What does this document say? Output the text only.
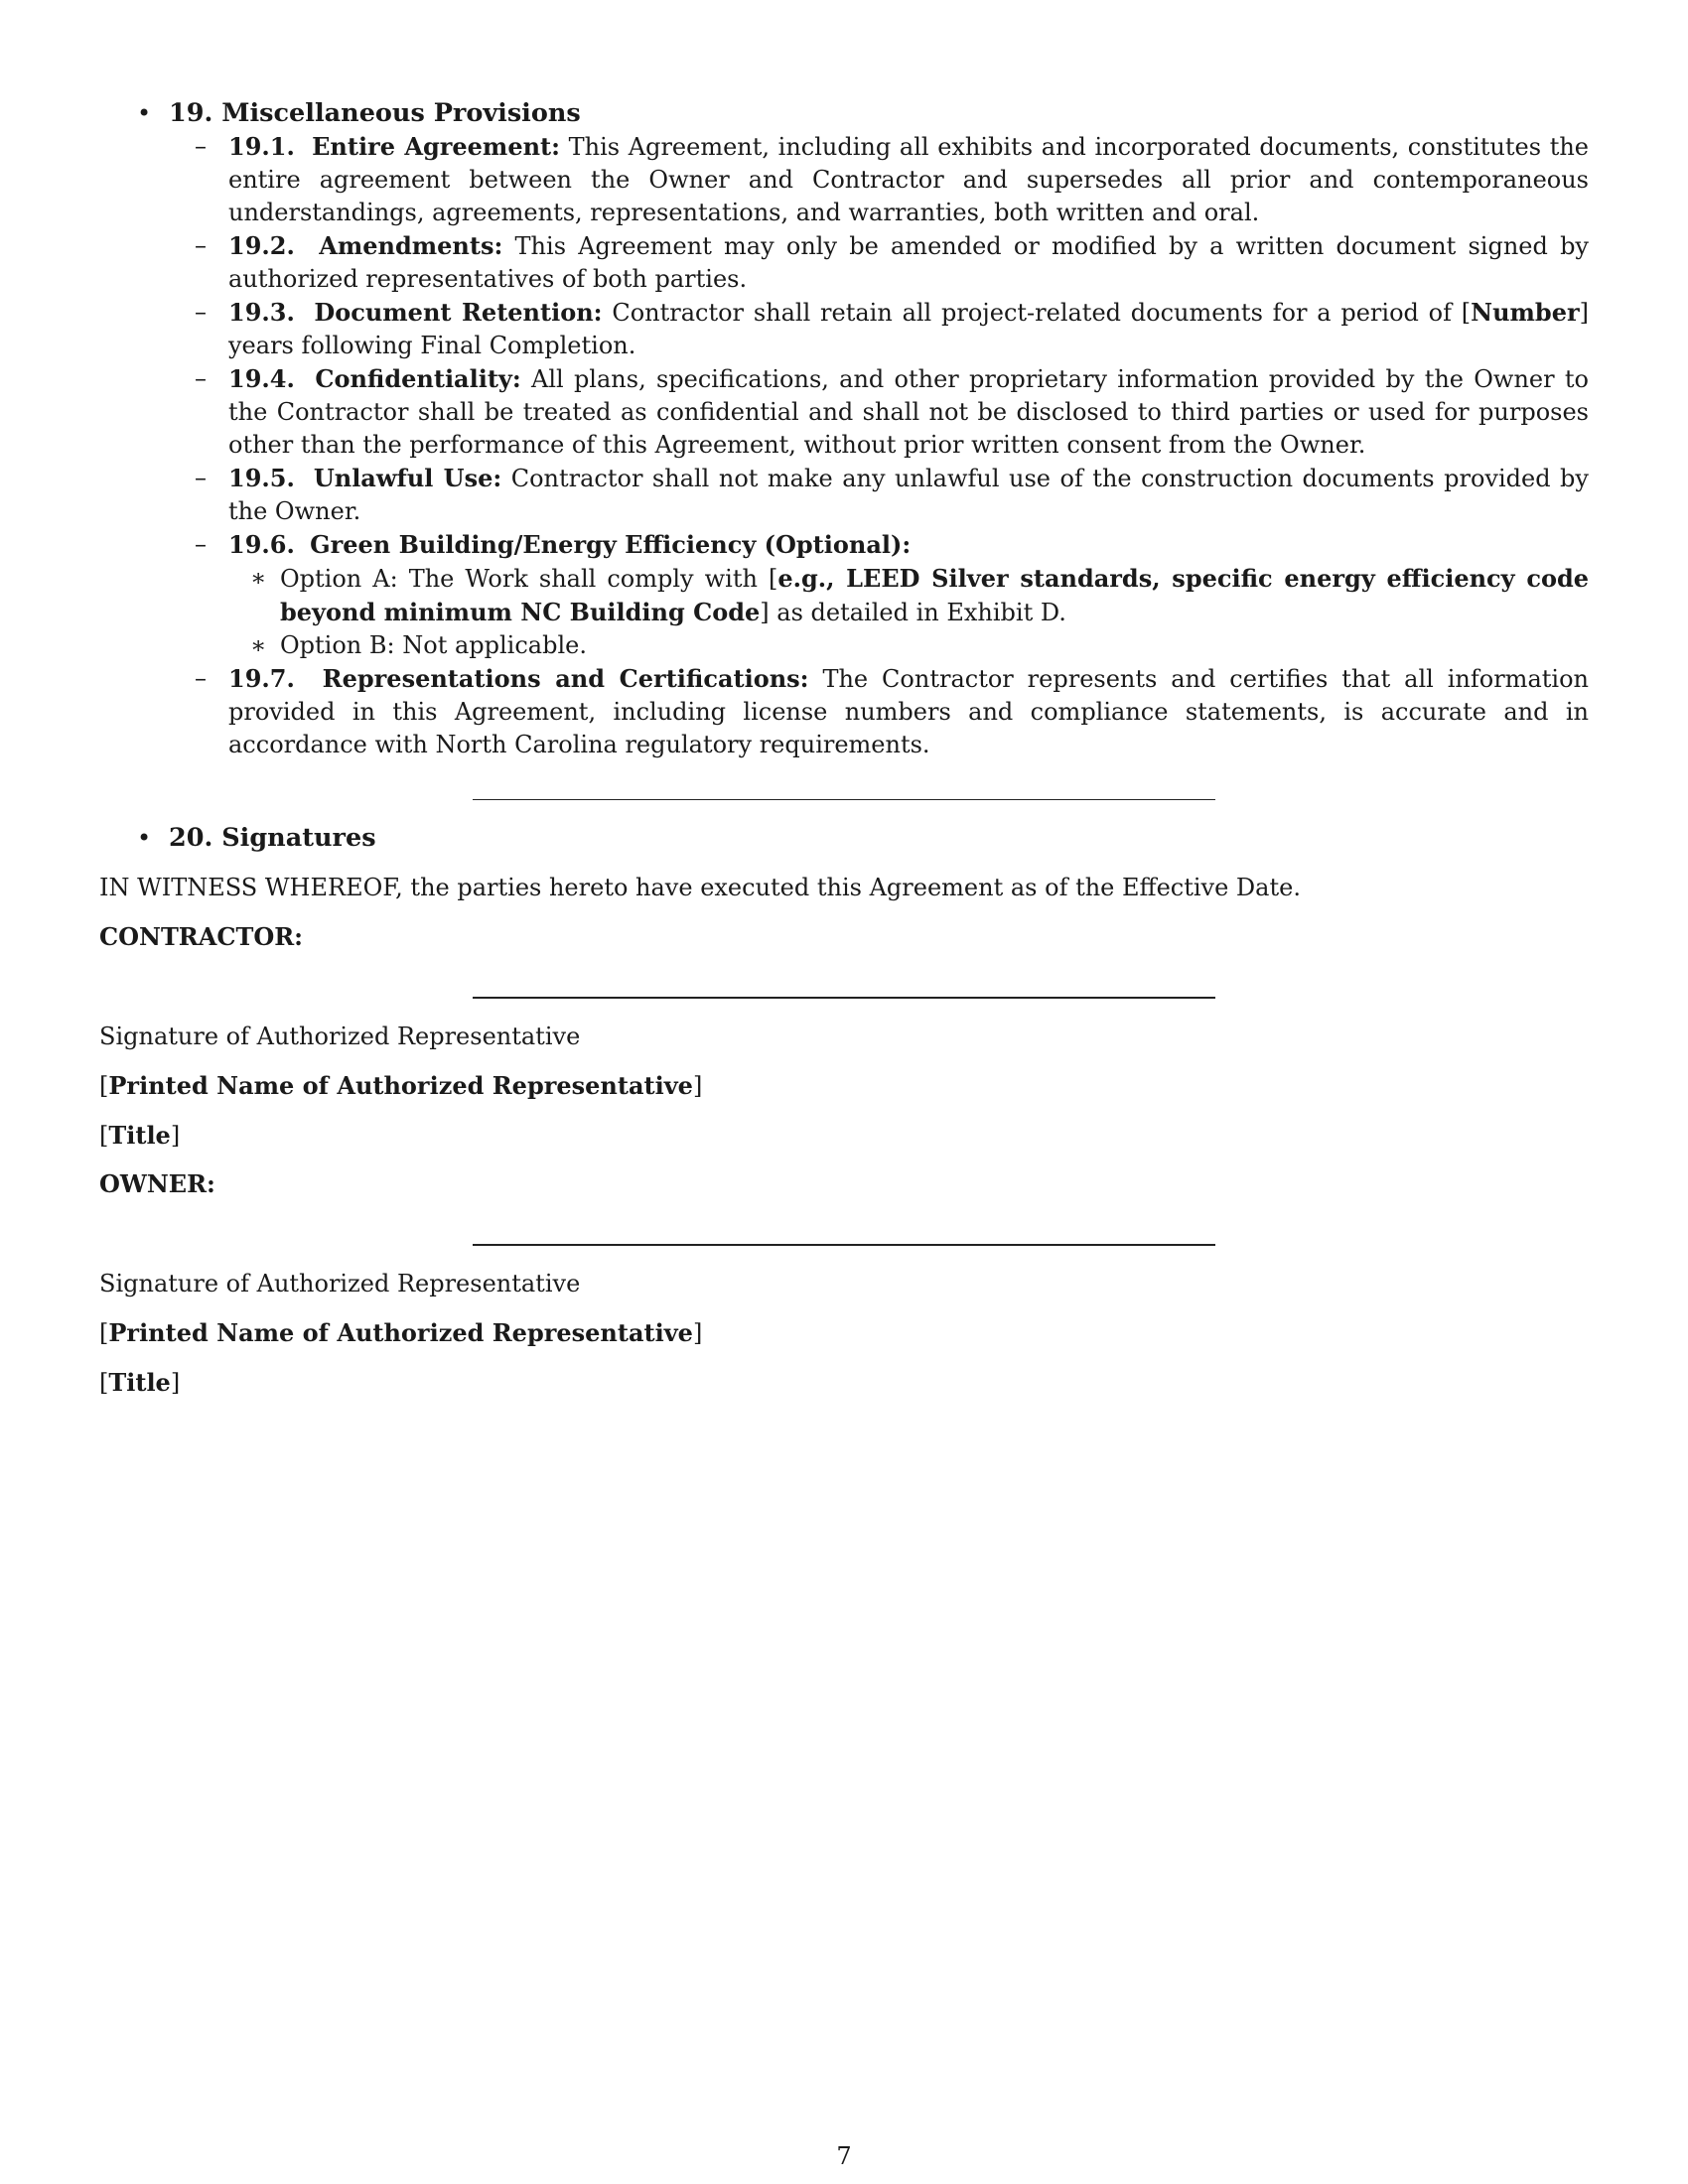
• 19. Miscellaneous Provisions
– 19.1. Entire Agreement: This Agreement, including all exhibits and incorporated documents, constitutes the entire agreement between the Owner and Contractor and supersedes all prior and contemporaneous understandings, agreements, representations, and warranties, both written and oral.
– 19.2. Amendments: This Agreement may only be amended or modified by a written document signed by authorized representatives of both parties.
– 19.3. Document Retention: Contractor shall retain all project-related documents for a period of [Number] years following Final Completion.
– 19.4. Confidentiality: All plans, specifications, and other proprietary information provided by the Owner to the Contractor shall be treated as confidential and shall not be disclosed to third parties or used for purposes other than the performance of this Agreement, without prior written consent from the Owner.
– 19.5. Unlawful Use: Contractor shall not make any unlawful use of the construction documents provided by the Owner.
– 19.6. Green Building/Energy Efficiency (Optional):
∗ Option A: The Work shall comply with [e.g., LEED Silver standards, specific energy efficiency code beyond minimum NC Building Code] as detailed in Exhibit D.
∗ Option B: Not applicable.
– 19.7. Representations and Certifications: The Contractor represents and certifies that all information provided in this Agreement, including license numbers and compliance statements, is accurate and in accordance with North Carolina regulatory requirements.
• 20. Signatures
IN WITNESS WHEREOF, the parties hereto have executed this Agreement as of the Effective Date.
CONTRACTOR:
Signature of Authorized Representative
[Printed Name of Authorized Representative]
[Title]
OWNER:
Signature of Authorized Representative
[Printed Name of Authorized Representative]
[Title]
7
